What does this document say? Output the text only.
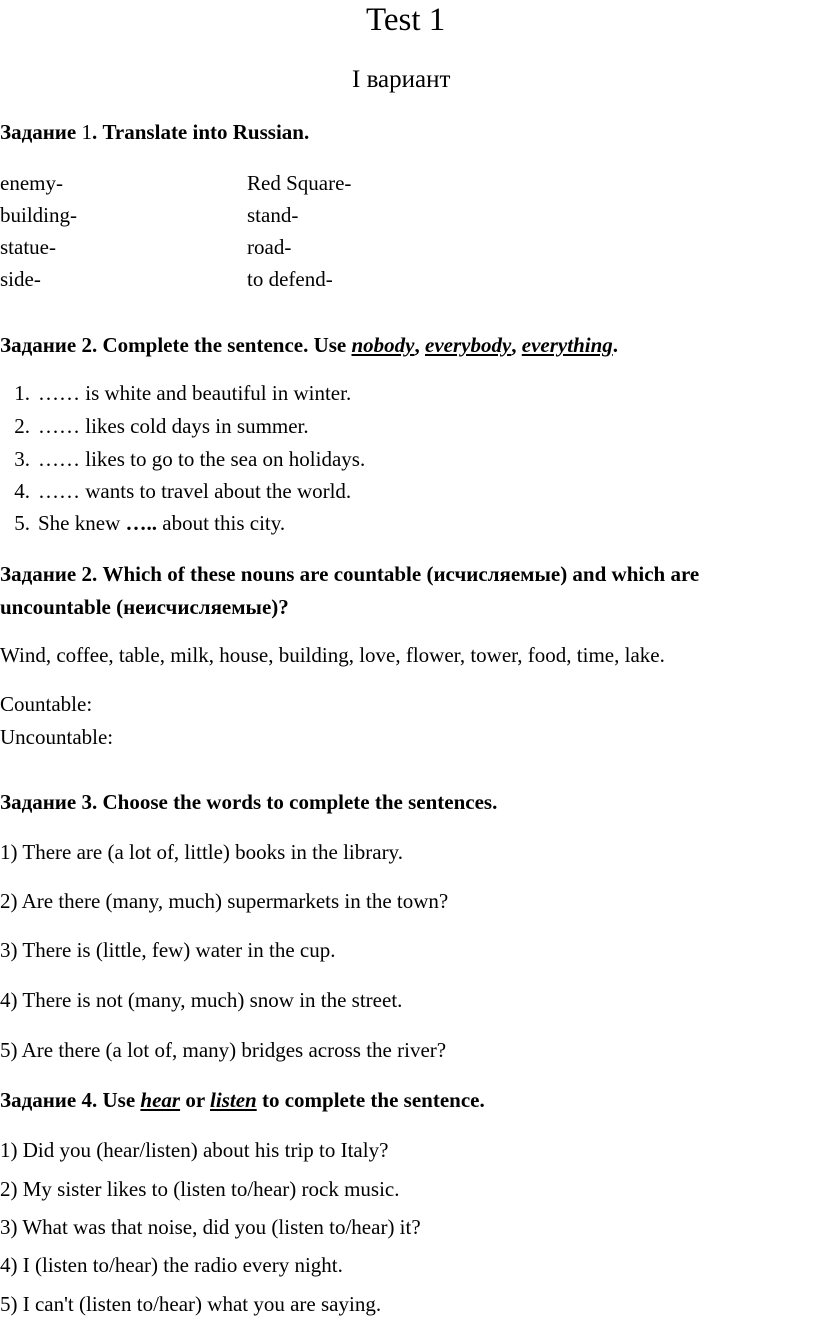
Test 1
I вариант
Задание 1. Translate into Russian.
enemy-
building-
statue-
side-
Red Square-
stand-
road-
to defend-
Задание 2. Complete the sentence. Use nobody, everybody, everything.
1. …… is white and beautiful in winter.
2. …… likes cold days in summer.
3. …… likes to go to the sea on holidays.
4. …… wants to travel about the world.
5. She knew ….. about this city.
Задание 2. Which of these nouns are countable (исчисляемые) and which are
uncountable (неисчисляемые)?
Wind, coffee, table, milk, house, building, love, flower, tower, food, time, lake.
Countable:
Uncountable:
Задание 3. Choose the words to complete the sentences.
1) There are (a lot of, little) books in the library.
2) Are there (many, much) supermarkets in the town?
3) There is (little, few) water in the cup.
4) There is not (many, much) snow in the street.
5) Are there (a lot of, many) bridges across the river?
Задание 4. Use hear or listen to complete the sentence.
1) Did you (hear/listen) about his trip to Italy?
2) My sister likes to (listen to/hear) rock music.
3) What was that noise, did you (listen to/hear) it?
4) I (listen to/hear) the radio every night.
5) I can't (listen to/hear) what you are saying.
